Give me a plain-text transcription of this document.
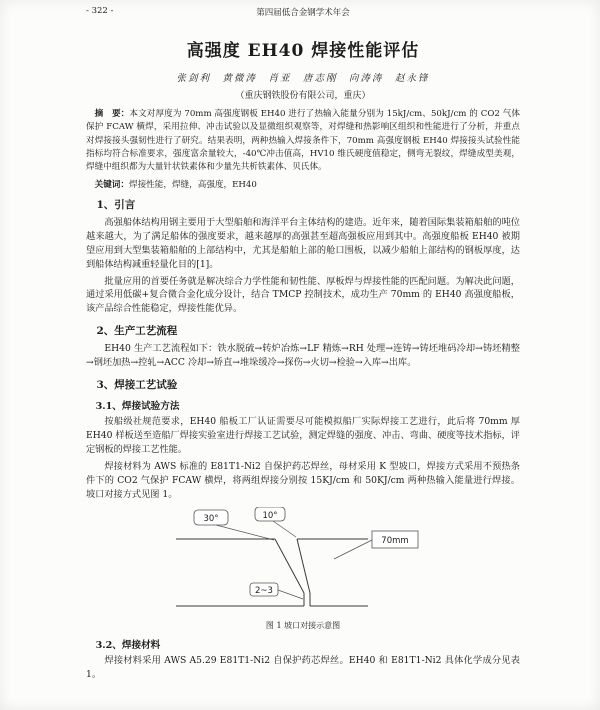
- 322 -	第四届低合金钢学术年会
高强度 EH40 焊接性能评估
张剑利　黄微涛　肖亚　唐志刚　向涛涛　赵永锋
（重庆钢铁股份有限公司，重庆）

摘　要：本文对厚度为 70mm 高强度钢板 EH40 进行了热输入能量分别为 15kJ/cm、50kJ/cm 的 CO2 气体保护 FCAW 横焊，采用拉伸、冲击试验以及显微组织观察等，对焊缝和热影响区组织和性能进行了分析，并重点对焊接接头强韧性进行了研究。结果表明，两种热输入焊接条件下，70mm 高强度钢板 EH40 焊接接头试验性能指标均符合标准要求，强度富余量较大，-40℃冲击值高，HV10 维氏硬度值稳定，侧弯无裂纹，焊缝成型美观，焊缝中组织都为大量针状铁素体和少量先共析铁素体、贝氏体。

关键词：焊接性能，焊缝，高强度，EH40

1、引言

高强船体结构用钢主要用于大型船舶和海洋平台主体结构的建造。近年来，随着国际集装箱船舶的吨位越来越大，为了满足船体的强度要求，越来越厚的高强甚至超高强板应用到其中。高强度船板 EH40 被期望应用到大型集装箱船舶的上部结构中，尤其是船舶上部的舱口围板，以减少船舶上部结构的钢板厚度，达到船体结构减重轻量化目的[1]。

批量应用的首要任务就是解决综合力学性能和韧性能、厚板焊与焊接性能的匹配问题。为解决此问题，通过采用低碳+复合微合金化成分设计，结合 TMCP 控制技术，成功生产 70mm 的 EH40 高强度船板，该产品综合性能稳定，焊接性能优异。

2、生产工艺流程

EH40 生产工艺流程如下：铁水脱硫→转炉冶炼→LF 精炼→RH 处理→连铸→铸坯堆码冷却→铸坯精整→钢坯加热→控轧→ACC 冷却→矫直→堆垛缓冷→探伤→火切→检验→入库→出库。

3、焊接工艺试验
3.1、焊接试验方法

按船级社规范要求，EH40 船板工厂认证需要尽可能模拟船厂实际焊接工艺进行，此后将 70mm 厚 EH40 样板送至造船厂焊接实验室进行焊接工艺试验，测定焊缝的强度、冲击、弯曲、硬度等技术指标，评定钢板的焊接工艺性能。

焊接材料为 AWS 标准的 E81T1-Ni2 自保护药芯焊丝，母材采用 K 型坡口，焊接方式采用不预热条件下的 CO2 气保护 FCAW 横焊，将两组焊接分别按 15KJ/cm 和 50KJ/cm 两种热输入能量进行焊接。坡口对接方式见图 1。

30°	10°
70mm
2~3
图 1 坡口对接示意图
3.2、焊接材料

焊接材料采用 AWS A5.29 E81T1-Ni2 自保护药芯焊丝。EH40 和 E81T1-Ni2 具体化学成分见表 1。
